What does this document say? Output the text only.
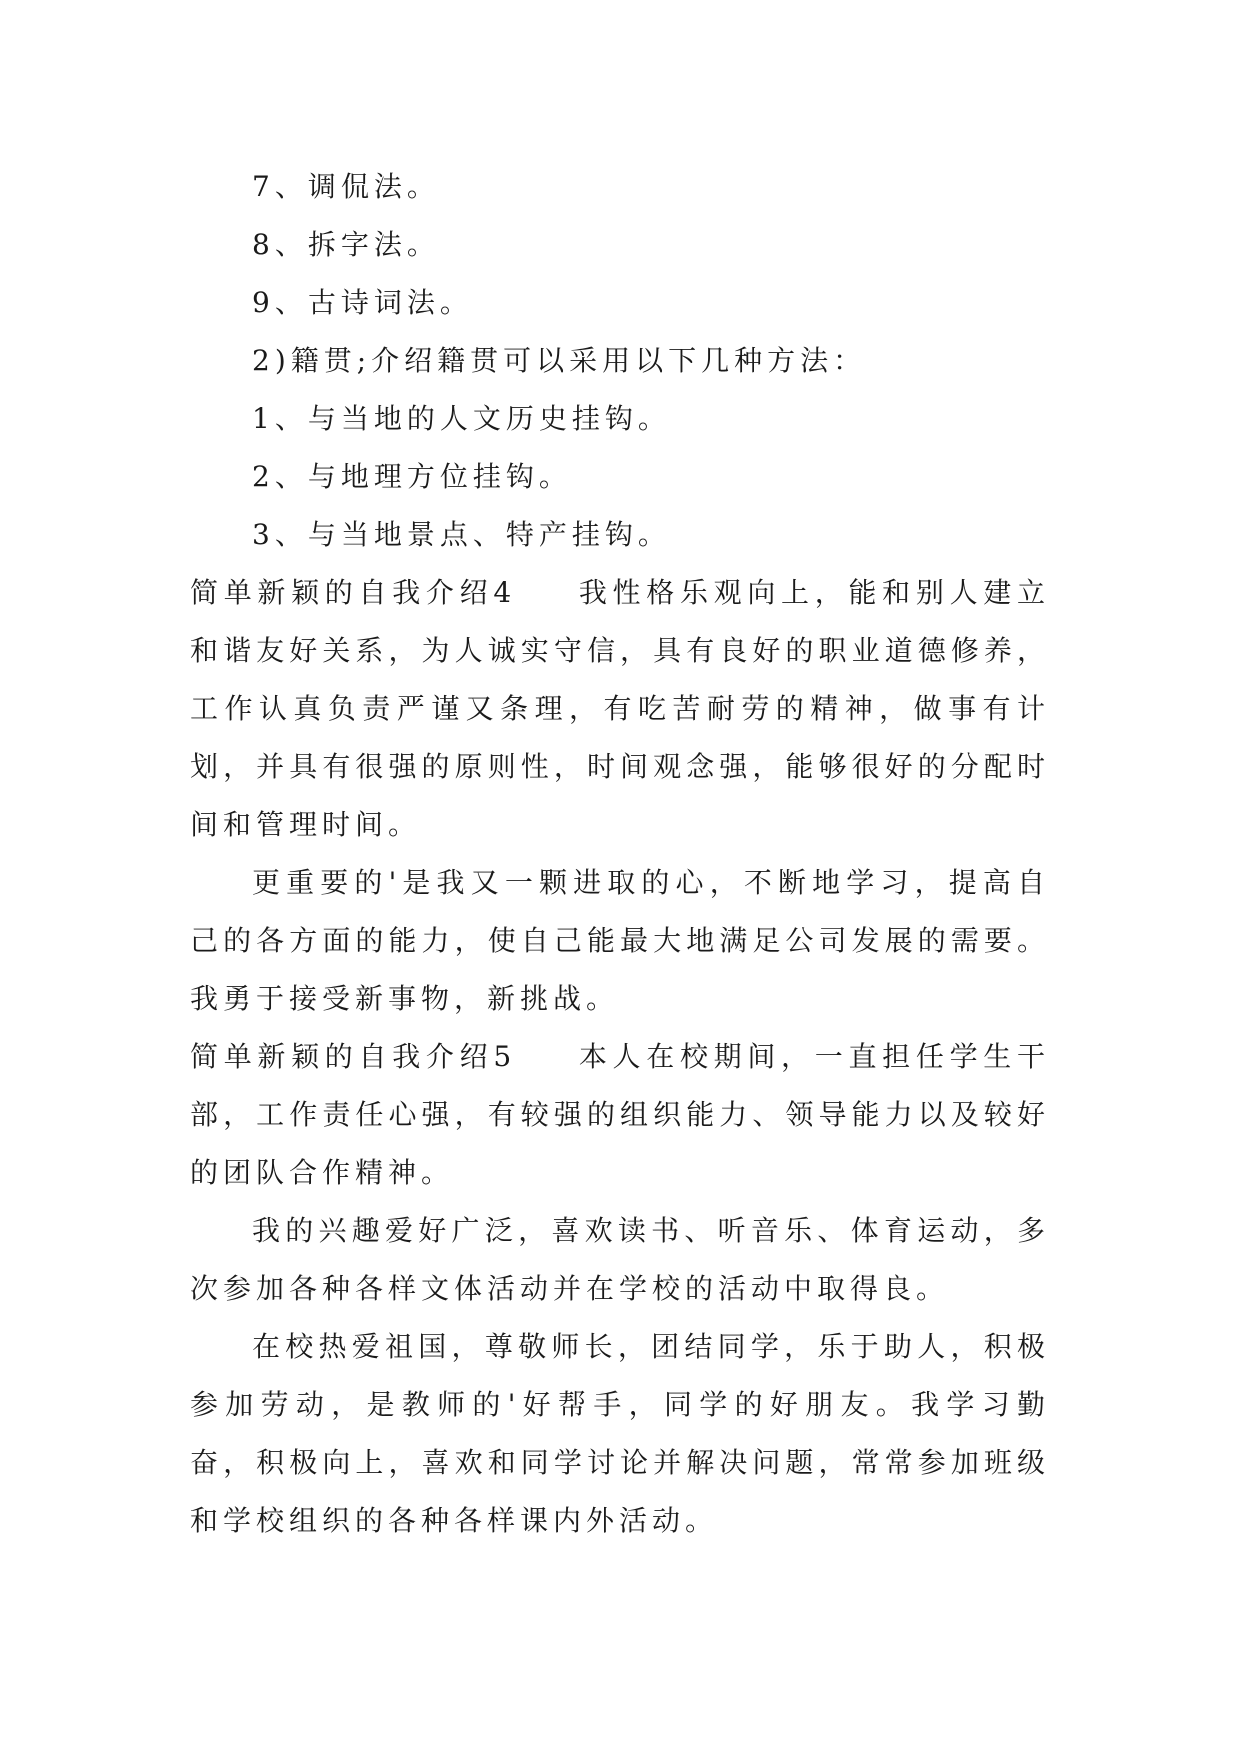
7、调侃法。

8、拆字法。

9、古诗词法。

2)籍贯;介绍籍贯可以采用以下几种方法：

1、与当地的人文历史挂钩。

2、与地理方位挂钩。

3、与当地景点、特产挂钩。

简单新颖的自我介绍4 我性格乐观向上，能和别人建立和谐友好关系，为人诚实守信，具有良好的职业道德修养，工作认真负责严谨又条理，有吃苦耐劳的精神，做事有计划，并具有很强的原则性，时间观念强，能够很好的分配时间和管理时间。

更重要的'是我又一颗进取的心，不断地学习，提高自己的各方面的能力，使自己能最大地满足公司发展的需要。我勇于接受新事物，新挑战。

简单新颖的自我介绍5 本人在校期间，一直担任学生干部，工作责任心强，有较强的组织能力、领导能力以及较好的团队合作精神。

我的兴趣爱好广泛，喜欢读书、听音乐、体育运动，多次参加各种各样文体活动并在学校的活动中取得良。

在校热爱祖国，尊敬师长，团结同学，乐于助人，积极参加劳动，是教师的'好帮手，同学的好朋友。我学习勤奋，积极向上，喜欢和同学讨论并解决问题，常常参加班级和学校组织的各种各样课内外活动。
